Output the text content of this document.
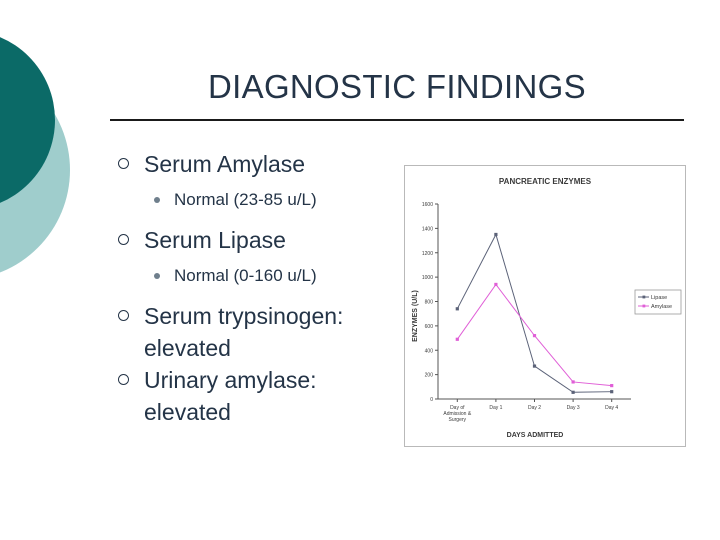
DIAGNOSTIC FINDINGS
Serum Amylase
Normal (23-85 u/L)
Serum Lipase
Normal (0-160 u/L)
Serum trypsinogen:
elevated
Urinary amylase:
elevated
PANCREATIC ENZYMES
ENZYMES (U/L)
DAYS ADMITTED
0
200
400
600
800
1000
1200
1400
1600
Day of Admission & Surgery
Day 1	Day 2	Day 3	Day 4
Lipase
Amylase
